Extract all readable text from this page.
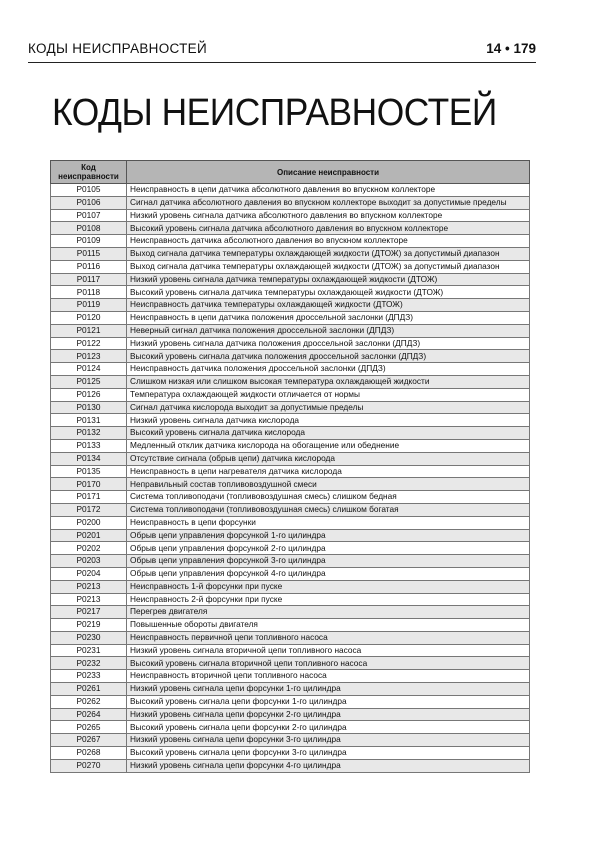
КОДЫ НЕИСПРАВНОСТЕЙ	14 • 179
КОДЫ НЕИСПРАВНОСТЕЙ
Код
неисправности	Описание неисправности
P0105	Неисправность в цепи датчика абсолютного давления во впускном коллекторе
P0106	Сигнал датчика абсолютного давления во впускном коллекторе выходит за допустимые пределы
P0107	Низкий уровень сигнала датчика абсолютного давления во впускном коллекторе
P0108	Высокий уровень сигнала датчика абсолютного давления во впускном коллекторе
P0109	Неисправность датчика абсолютного давления во впускном коллекторе
P0115	Выход сигнала датчика температуры охлаждающей жидкости (ДТОЖ) за допустимый диапазон
P0116	Выход сигнала датчика температуры охлаждающей жидкости (ДТОЖ) за допустимый диапазон
P0117	Низкий уровень сигнала датчика температуры охлаждающей жидкости (ДТОЖ)
P0118	Высокий уровень сигнала датчика температуры охлаждающей жидкости (ДТОЖ)
P0119	Неисправность датчика температуры охлаждающей жидкости (ДТОЖ)
P0120	Неисправность в цепи датчика положения дроссельной заслонки (ДПДЗ)
P0121	Неверный сигнал датчика положения дроссельной заслонки (ДПДЗ)
P0122	Низкий уровень сигнала датчика положения дроссельной заслонки (ДПДЗ)
P0123	Высокий уровень сигнала датчика положения дроссельной заслонки (ДПДЗ)
P0124	Неисправность датчика положения дроссельной заслонки (ДПДЗ)
P0125	Слишком низкая или слишком высокая температура охлаждающей жидкости
P0126	Температура охлаждающей жидкости отличается от нормы
P0130	Сигнал датчика кислорода выходит за допустимые пределы
P0131	Низкий уровень сигнала датчика кислорода
P0132	Высокий уровень сигнала датчика кислорода
P0133	Медленный отклик датчика кислорода на обогащение или обеднение
P0134	Отсутствие сигнала (обрыв цепи) датчика кислорода
P0135	Неисправность в цепи нагревателя датчика кислорода
P0170	Неправильный состав топливовоздушной смеси
P0171	Система топливоподачи (топливовоздушная смесь) слишком бедная
P0172	Система топливоподачи (топливовоздушная смесь) слишком богатая
P0200	Неисправность в цепи форсунки
P0201	Обрыв цепи управления форсункой 1-го цилиндра
P0202	Обрыв цепи управления форсункой 2-го цилиндра
P0203	Обрыв цепи управления форсункой 3-го цилиндра
P0204	Обрыв цепи управления форсункой 4-го цилиндра
P0213	Неисправность 1-й форсунки при пуске
P0213	Неисправность 2-й форсунки при пуске
P0217	Перегрев двигателя
P0219	Повышенные обороты двигателя
P0230	Неисправность первичной цепи топливного насоса
P0231	Низкий уровень сигнала вторичной цепи топливного насоса
P0232	Высокий уровень сигнала вторичной цепи топливного насоса
P0233	Неисправность вторичной цепи топливного насоса
P0261	Низкий уровень сигнала цепи форсунки 1-го цилиндра
P0262	Высокий уровень сигнала цепи форсунки 1-го цилиндра
P0264	Низкий уровень сигнала цепи форсунки 2-го цилиндра
P0265	Высокий уровень сигнала цепи форсунки 2-го цилиндра
P0267	Низкий уровень сигнала цепи форсунки 3-го цилиндра
P0268	Высокий уровень сигнала цепи форсунки 3-го цилиндра
P0270	Низкий уровень сигнала цепи форсунки 4-го цилиндра
